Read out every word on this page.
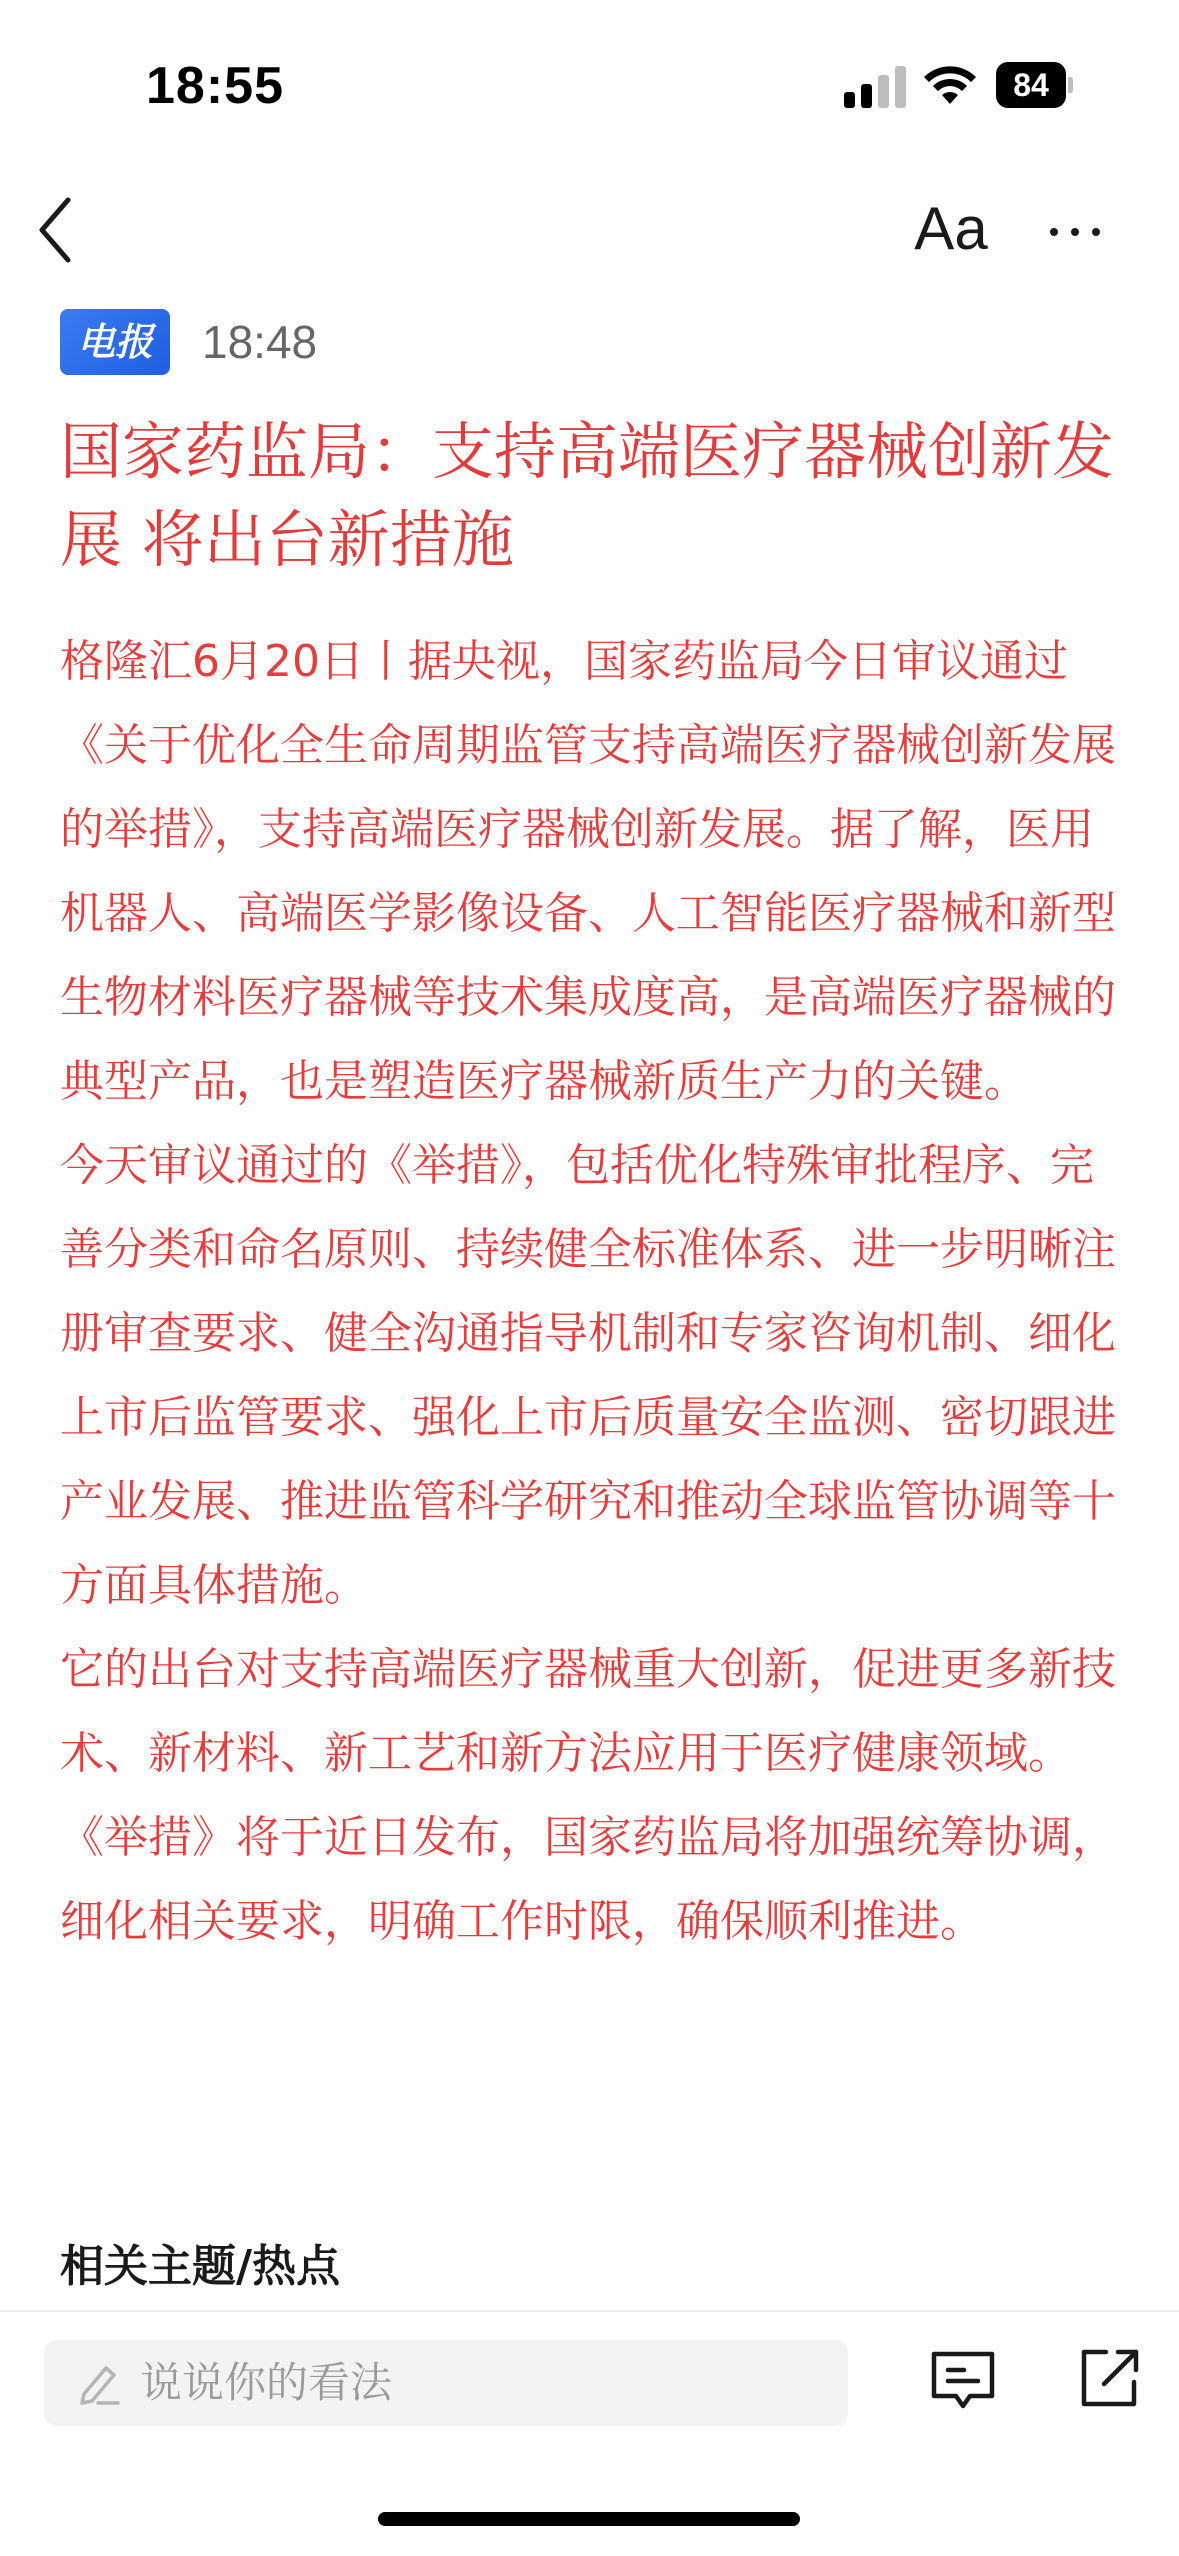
18:55	84
Aa
电报	18:48
国家药监局：支持高端医疗器械创新发展 将出台新措施

格隆汇6月20日丨据央视，国家药监局今日审议通过《关于优化全生命周期监管支持高端医疗器械创新发展的举措》，支持高端医疗器械创新发展。据了解，医用机器人、高端医学影像设备、人工智能医疗器械和新型生物材料医疗器械等技术集成度高，是高端医疗器械的典型产品，也是塑造医疗器械新质生产力的关键。

今天审议通过的《举措》，包括优化特殊审批程序、完善分类和命名原则、持续健全标准体系、进一步明晰注册审查要求、健全沟通指导机制和专家咨询机制、细化上市后监管要求、强化上市后质量安全监测、密切跟进产业发展、推进监管科学研究和推动全球监管协调等十方面具体措施。

它的出台对支持高端医疗器械重大创新，促进更多新技术、新材料、新工艺和新方法应用于医疗健康领域。《举措》将于近日发布，国家药监局将加强统筹协调，细化相关要求，明确工作时限，确保顺利推进。

相关主题/热点
说说你的看法
